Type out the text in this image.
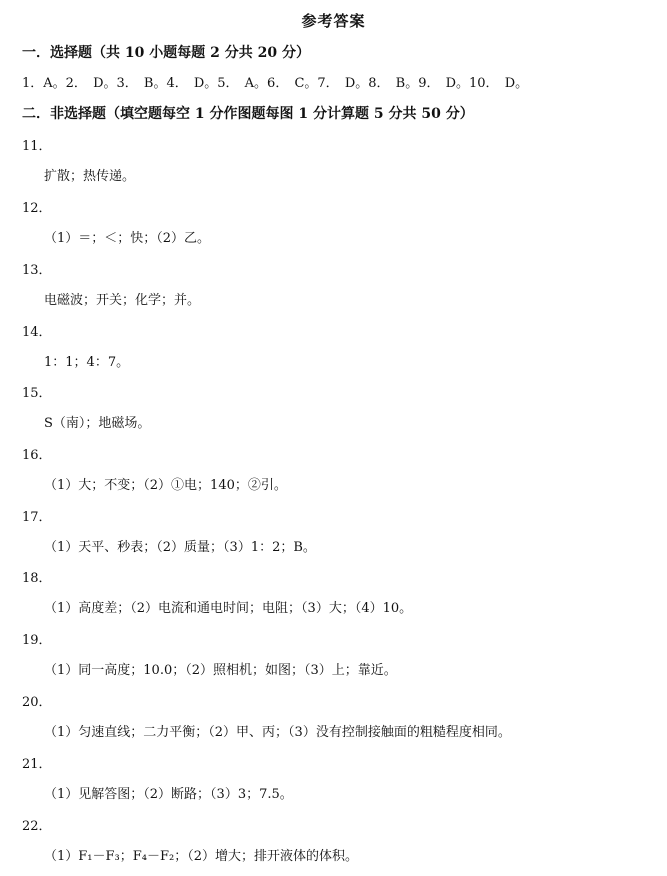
参考答案
一．选择题（共 10 小题每题 2 分共 20 分）
1．A。2． D。3． B。4． D。5． A。6． C。7． D。8． B。9． D。10． D。
二．非选择题（填空题每空 1 分作图题每图 1 分计算题 5 分共 50 分）
11．
扩散；热传递。
12．
（1）＝；＜；快；（2）乙。
13．
电磁波；开关；化学；并。
14．
1：1；4：7。
15．
S（南）；地磁场。
16．
（1）大；不变；（2）①电；140；②引。
17．
（1）天平、秒表；（2）质量；（3）1：2；B。
18．
（1）高度差；（2）电流和通电时间；电阻；（3）大；（4）10。
19．
（1）同一高度；10.0；（2）照相机；如图；（3）上；靠近。
20．
（1）匀速直线；二力平衡；（2）甲、丙；（3）没有控制接触面的粗糙程度相同。
21．
（1）见解答图；（2）断路；（3）3；7.5。
22．
（1）F₁－F₃；F₄－F₂；（2）增大；排开液体的体积。
